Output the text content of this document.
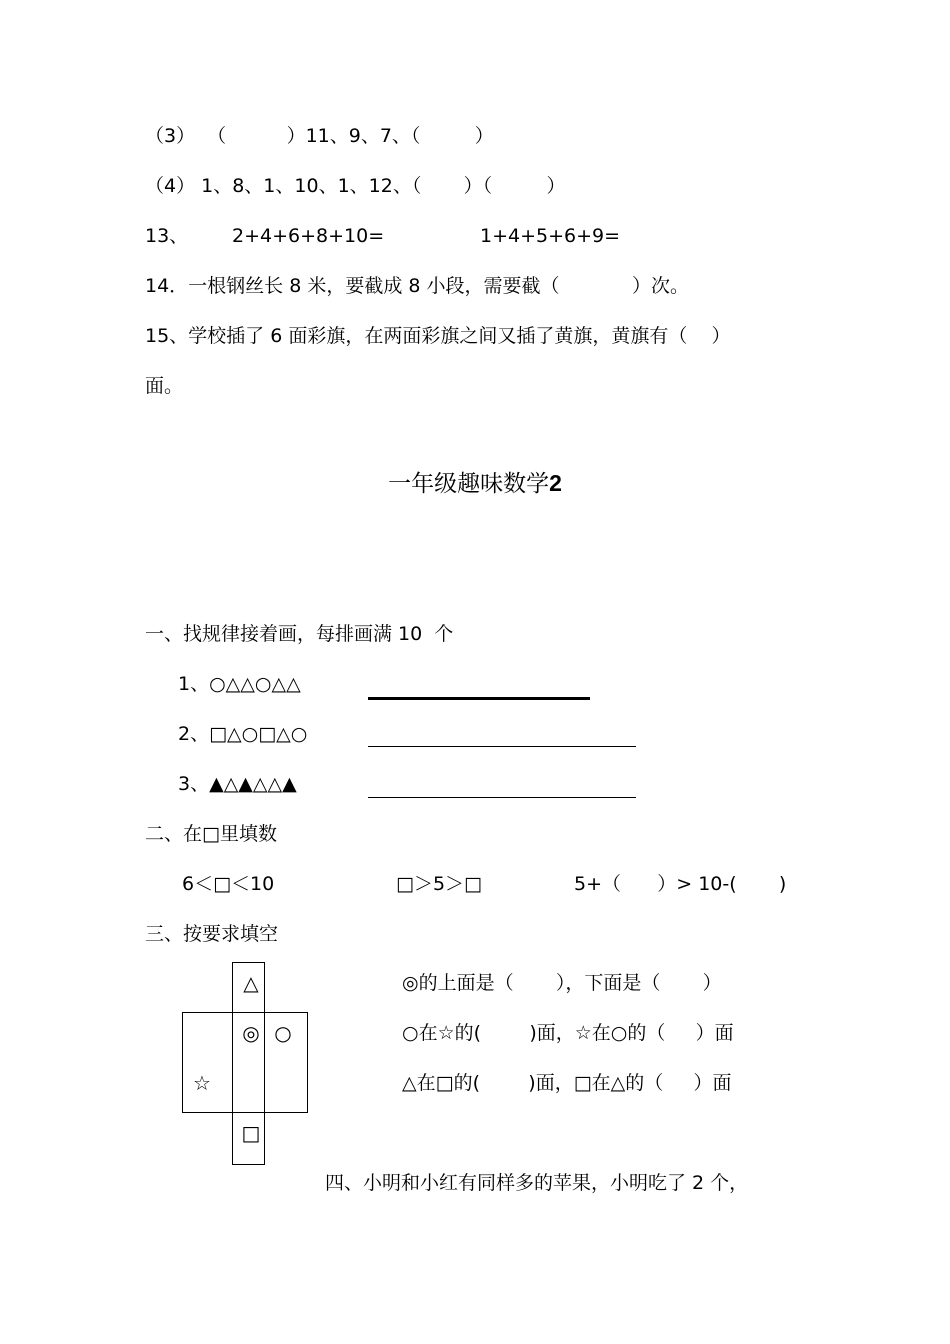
（3）  （          ）11、9、7、（         ）
（4） 1、8、1、10、1、12、（       ）（         ）
13、 2+4+6+8+10=	1+4+5+6+9=
14．一根钢丝长 8 米，要截成 8 小段，需要截（            ）次。
15、学校插了 6 面彩旗，在两面彩旗之间又插了黄旗，黄旗有（    ）
面。
一年级趣味数学2
一、找规律接着画，每排画满 10  个
1、○△△○△△
2、□△○□△○
3、▲△▲△△▲
二、在□里填数
6＜□＜10	□＞5＞□	5+（      ）> 10-(       )
三、按要求填空
△
◎ ○
☆
□
◎的上面是（       ），下面是（       ）
○在☆的(        )面，☆在○的（     ）面
△在□的(        )面，□在△的（     ）面
四、小明和小红有同样多的苹果，小明吃了 2 个，
